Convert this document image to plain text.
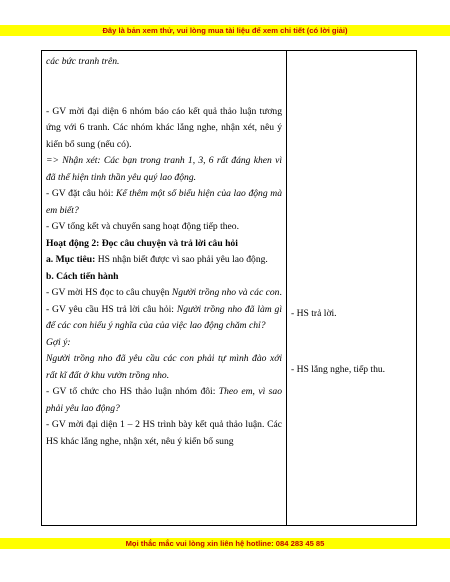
Đây là bản xem thử, vui lòng mua tài liệu để xem chi tiết (có lời giải)

các bức tranh trên.

- GV mời đại diện 6 nhóm báo cáo kết quả thảo luận tương ứng với 6 tranh. Các nhóm khác lắng nghe, nhận xét, nêu ý kiến bổ sung (nếu có).

=> Nhận xét: Các bạn trong tranh 1, 3, 6 rất đáng khen vì đã thể hiện tinh thần yêu quý lao động.

- GV đặt câu hỏi: Kể thêm một số biểu hiện của lao động mà em biết?

- GV tổng kết và chuyển sang hoạt động tiếp theo.

Hoạt động 2: Đọc câu chuyện và trả lời câu hỏi

a. Mục tiêu: HS nhận biết được vì sao phải yêu lao động.

b. Cách tiến hành

- GV mời HS đọc to câu chuyện Người trồng nho và các con.

- GV yêu cầu HS trả lời câu hỏi: Người trồng nho đã làm gì để các con hiểu ý nghĩa của của việc lao động chăm chỉ?

Gợi ý:

Người trồng nho đã yêu cầu các con phải tự mình đào xới rất kĩ đất ở khu vườn trồng nho.

- GV tổ chức cho HS thảo luận nhóm đôi: Theo em, vì sao phải yêu lao động?

- GV mời đại diện 1 – 2 HS trình bày kết quả thảo luận. Các HS khác lắng nghe, nhận xét, nêu ý kiến bổ sung

- HS trả lời.
- HS lắng nghe, tiếp thu.
Mọi thắc mắc vui lòng xin liên hệ hotline: 084 283 45 85
